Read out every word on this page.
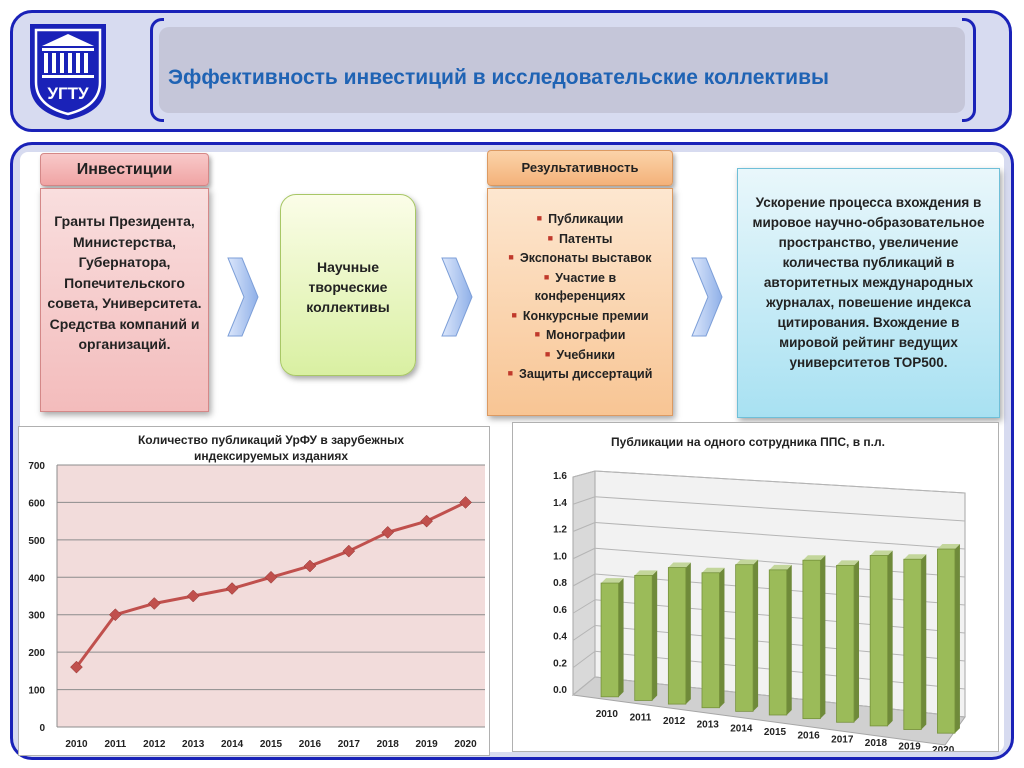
УГТУ
Эффективность инвестиций в исследовательские коллективы
Инвестиции
Гранты Президента, Министерства, Губернатора, Попечительского совета, Университета. Средства компаний и организаций.
Научные творческие коллективы
Результативность
■ Публикации
■ Патенты
■ Экспонаты выставок
■ Участие в конференциях
■ Конкурсные премии
■ Монографии
■ Учебники
■ Защиты диссертаций
Ускорение процесса вхождения в мировое научно-образовательное пространство, увеличение количества публикаций в авторитетных международных журналах, повешение индекса цитирования. Вхождение в мировой рейтинг ведущих университетов TOP500.
Количество публикаций УрФУ в зарубежных
индексируемых изданиях
0
100
200
300
400
500
600
700
2010 2011 2012 2013 2014 2015 2016 2017 2018 2019 2020
Публикации на одного сотрудника ППС, в п.л.
0.0
0.2
0.4
0.6
0.8
1.0
1.2
1.4
1.6
2010 2011 2012 2013 2014 2015 2016 2017 2018 2019 2020
